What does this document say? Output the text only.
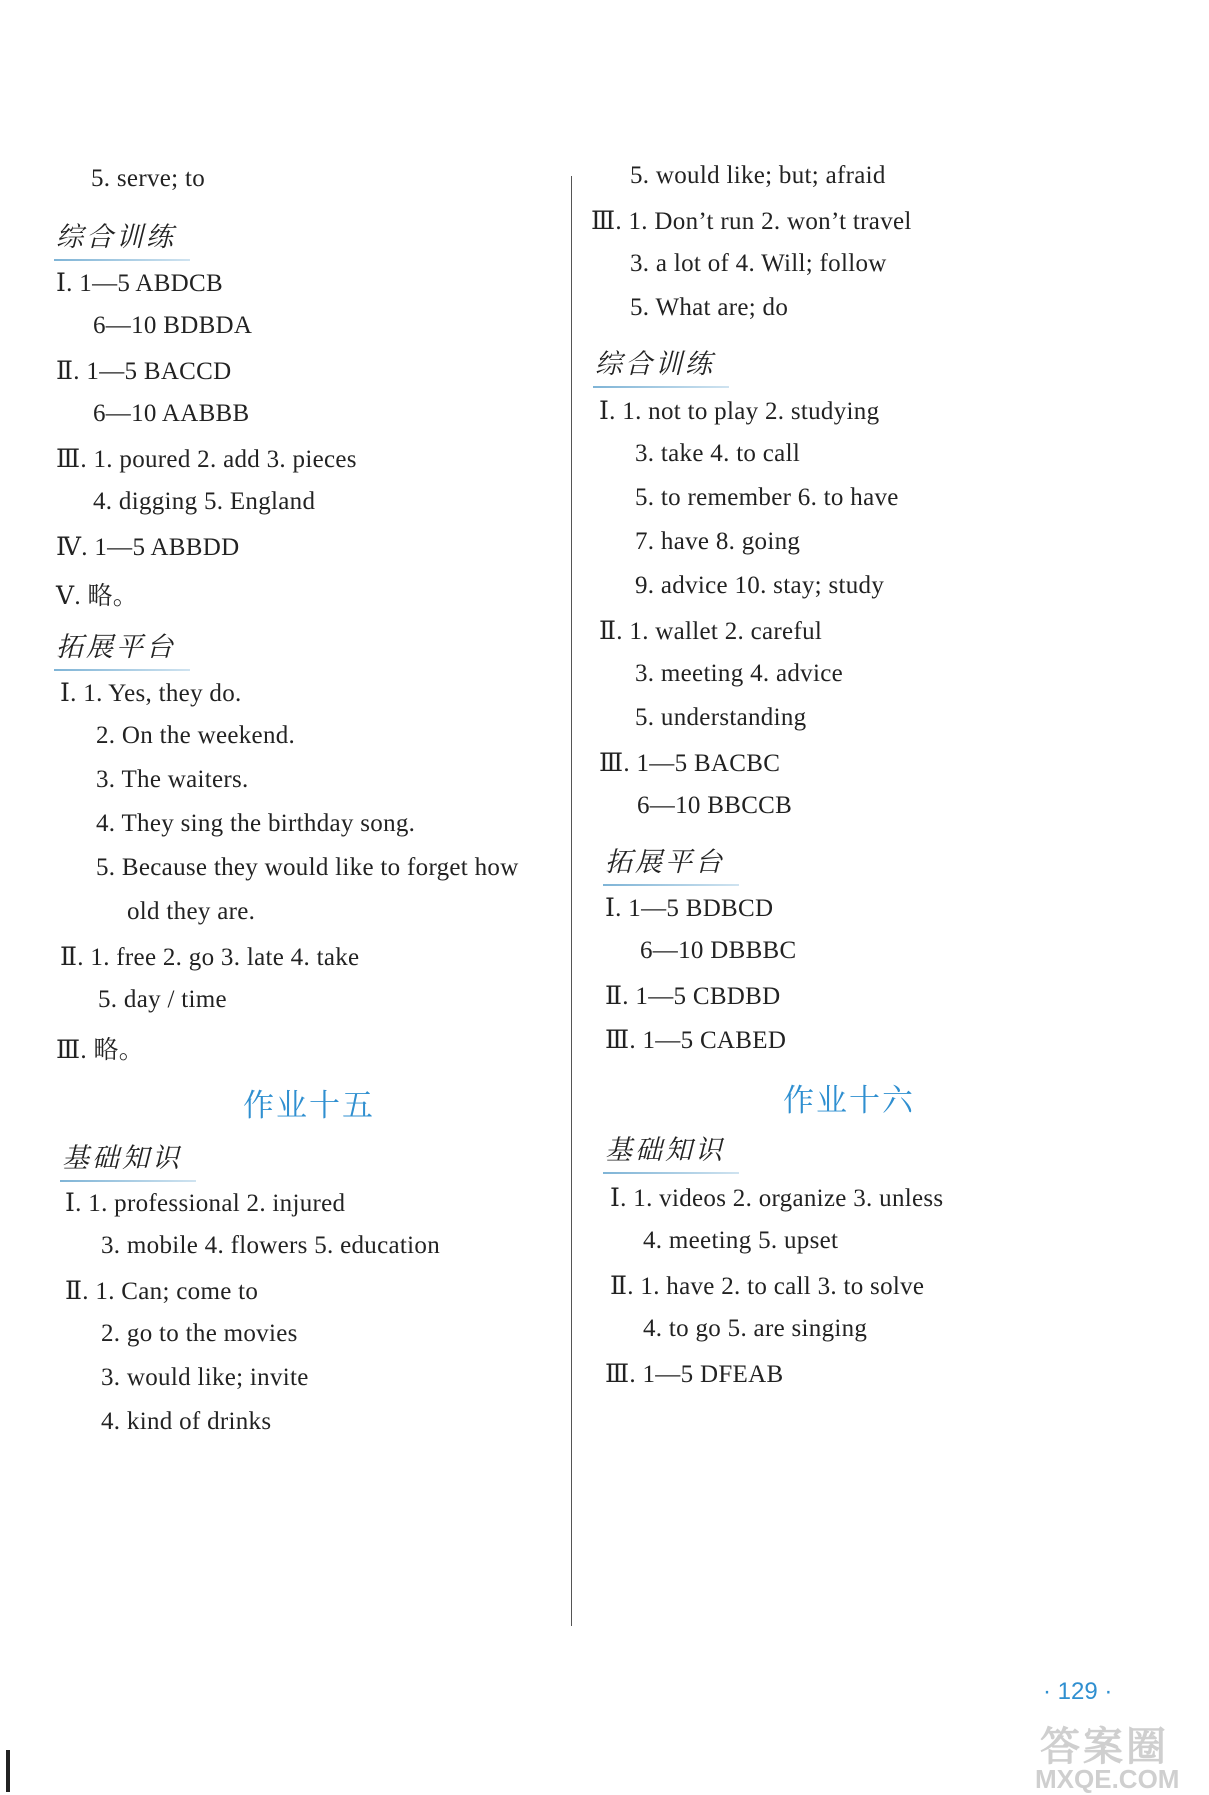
5. serve; to
综合训练
Ⅰ. 1—5 ABDCB
6—10 BDBDA
Ⅱ. 1—5 BACCD
6—10 AABBB
Ⅲ. 1. poured 2. add 3. pieces
4. digging 5. England
Ⅳ. 1—5 ABBDD
Ⅴ. 略。
拓展平台
Ⅰ. 1. Yes, they do.
2. On the weekend.
3. The waiters.
4. They sing the birthday song.
5. Because they would like to forget how
old they are.
Ⅱ. 1. free 2. go 3. late 4. take
5. day / time
Ⅲ. 略。
作业十五
基础知识
Ⅰ. 1. professional 2. injured
3. mobile 4. flowers 5. education
Ⅱ. 1. Can; come to
2. go to the movies
3. would like; invite
4. kind of drinks
5. would like; but; afraid
Ⅲ. 1. Don’t run 2. won’t travel
3. a lot of 4. Will; follow
5. What are; do
综合训练
Ⅰ. 1. not to play 2. studying
3. take 4. to call
5. to remember 6. to have
7. have 8. going
9. advice 10. stay; study
Ⅱ. 1. wallet 2. careful
3. meeting 4. advice
5. understanding
Ⅲ. 1—5 BACBC
6—10 BBCCB
拓展平台
Ⅰ. 1—5 BDBCD
6—10 DBBBC
Ⅱ. 1—5 CBDBD
Ⅲ. 1—5 CABED
作业十六
基础知识
Ⅰ. 1. videos 2. organize 3. unless
4. meeting 5. upset
Ⅱ. 1. have 2. to call 3. to solve
4. to go 5. are singing
Ⅲ. 1—5 DFEAB
· 129 ·
答案圈
MXQE.COM
